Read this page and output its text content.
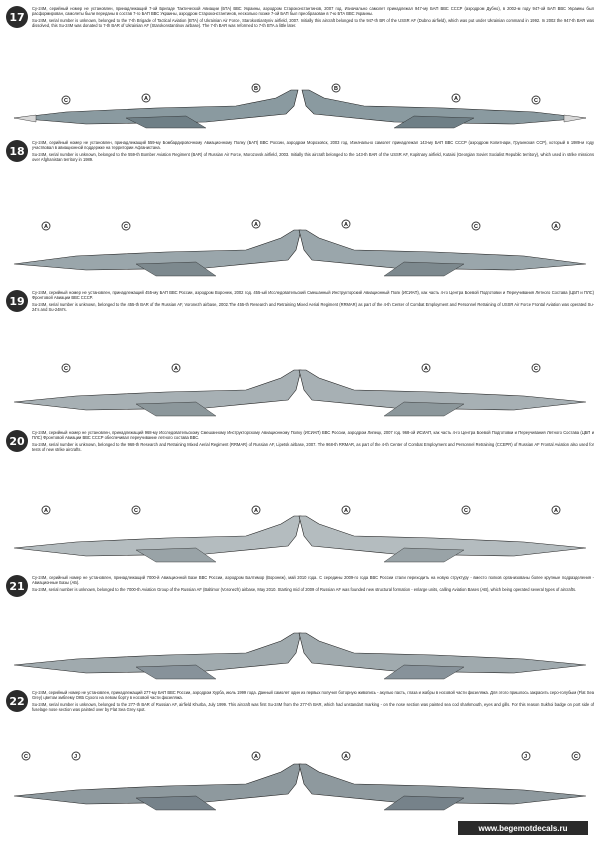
17

Су-24М, серийный номер не установлен, принадлежащий 7-ой Бригаде Тактической Авиации (БТА) ВВС Украины, аэродром Староконстантинов, 2007 год. Изначально самолет принадлежал 947-му БАП ВВС СССР (аэродром Дубно), в 2002-м году 947-ой БАП ВВС Украины был расформирован, самолеты были переданы в состав 7-го БАП ВВС Украины, аэродром Староконстантинов, несколько позже 7-ой БАП был преобразован в 7-ю БТА ВВС Украины.

Su-24M, serial number is unknown, belonged to the 7-th Brigade of Tactical Aviation (BTA) of Ukrainian Air Force, Starokostiantyniv airfield, 2007. Initially this aircraft belonged to the 947-th BR of the USSR AF (Dubno airfield), which was put under Ukrainian command in 1992. In 2002 the 947-th BAR was dissolved, this Su-24M was donated to 7-th BAR of Ukrainian AF (Starokonstantinov airbase). The 7-th BAR was reformed to 7-th BTA a little later.

C	A
B	B
A	C
18

Су-24М, серийный номер не установлен, принадлежащий 559-му Бомбардировочному Авиационному Полку (БАП) ВВС России, аэродром Морозовск, 2003 год. Изначально самолет принадлежал 143-му БАП ВВС СССР (аэродром Копитнари, Грузинская ССР), который в 1989-м году участвовал в авиационной поддержке на территории Афганистана.

Su-24M, serial number is unknown, belonged to the 559-th Bomber Aviation Regiment (BAR) of Russian Air Force, Morozovsk airfield, 2003. Initially this aircraft belonged to the 143-th BAR of the USSR AF, Kopitnary airfield, Kutaisi (Georgian Soviet Socialist Republic territory), which used in strike missions over Afghanistan territory in 1989.

A	C	A	A	C	A
19

Су-24М, серийный номер не установлен, принадлежащий 455-му БАП ВВС России, аэродром Воронеж, 2002 год. 455-ый Исследовательский Смешанный Инструкторский Авиационный Полк (ИСИАП), как часть 4-го Центра Боевой Подготовки и Переучивания Летного Состава (ЦБП и ПЛС) Фронтовой Авиации ВВС СССР.

Su-24M, serial number is unknown, belonged to the 455-th BAR of the Russian AF, Voronezh airbase, 2002.The 455-th Research and Retraining Mixed Aerial Regiment (RRMAR) as part of the 4-th Center of Combat Employment and Personnel Retraining of USSR Air Force Frontal Aviation was operated Su-24's and Su-24M's.

C	A	A	C
20

Су-24М, серийный номер не установлен, принадлежащий 968-му Исследовательскому Смешанному Инструкторскому Авиационному Полку (ИСИАП) ВВС России, аэродром Липецк, 2007 год. 968-ой ИСИАП, как часть 4-го Центра Боевой Подготовки и Переучивания Летного Состава (ЦБП и ПЛС) Фронтовой Авиации ВВС СССР обеспечивал переучивание летного состава ВВС.

Su-24M, serial number is unknown, belonged to the 968-th Research and Retraining Mixed Aerial Regiment (RRMAR) of Russian AF, Lipetsk airbase, 2007. The 968-th RRMAR, as part of the 4-th Center of Combat Employment and Personnel Retraining (CCEPR) of Russian AF Frontal Aviation also used for tests of new strike aircrafts.

A	C	A	A	C	A
21

Су-24М, серийный номер не установлен, принадлежащий 7000-й Авиационной Базе ВВС России, аэродром Балтимор (Воронеж), май 2010 года. С середины 2009-го года ВВС России стали переходить на новую структуру - вместо полков организованы более крупные подразделения - Авиационные Базы (АБ).

Su-24M, serial number is unknown, belonged to the 7000-th Aviation Group of the Russian AF (Baltimor (Voronezh) airbase, May 2010. Starting mid of 2009 of Russian AF was founded new structural formation - enlarge units, calling Aviation Bases (AB), which being operated several types of aircrafts.

22

Су-24М, серийный номер не установлен, принадлежащий 277-му БАП ВВС России, аэродром Хурба, июль 1999 года. Данный самолет один из первых получил боторную живопись - акулью пасть, глаза и жабры в носовой части фюзеляжа. Для этого пришлось закрасить серо-голубым (Flat Sea Grey) цветом эмблему ОКБ Сухого на левом борту в носовой части фюзеляжа.

Su-24M, serial number is unknown, belonged to the 277-th BAR of Russian AF, airfield Khurba, July 1999. This aircraft was first Su-24M from the 277-th BAR, which had unstandart marking - on the nose section was painted sea cod sharkmouth, eyes and gills. For this reason Sukhoi badge on port side of fuselage nose section was painted over by Flat Sea Grey spot.

C	J	A	A	J	C
www.begemotdecals.ru
